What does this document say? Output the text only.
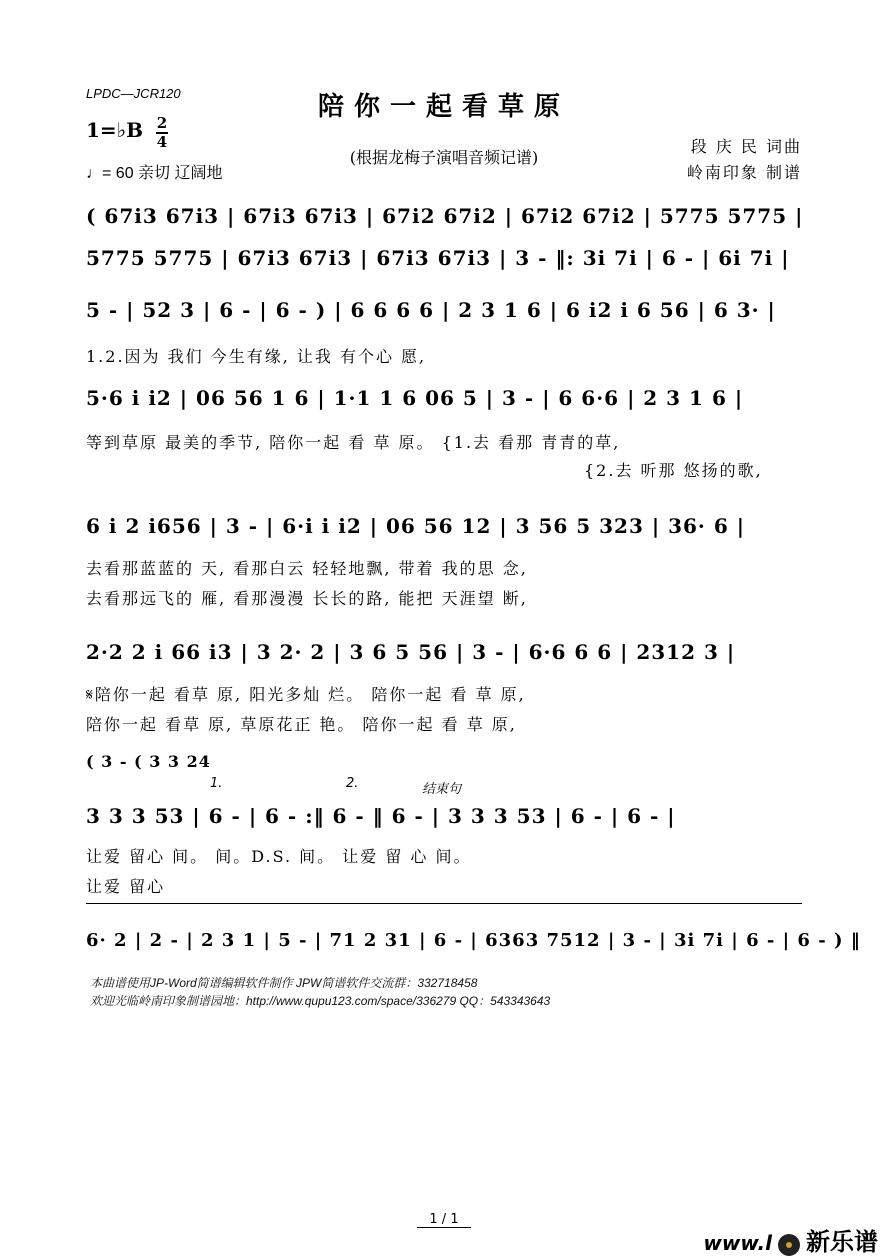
LPDC—JCR120	陪你一起看草原
1=♭B 2
4
♩= 60 亲切 辽阔地
(根据龙梅子演唱音频记谱)
段 庆 民 词曲
岭南印象 制谱
( 67i3 67i3 | 67i3 67i3 | 67i2 67i2 | 67i2 67i2 | 5775 5775 |
5775 5775 | 67i3 67i3 | 67i3 67i3 | 3 - ‖: 3i 7i | 6 - | 6i 7i |
5 - | 52 3 | 6 - | 6 - ) | 6 6 6 6 | 2 3 1 6 | 6 i2 i 6 56 | 6 3· |
1.2.因为 我们 今生有缘, 让我 有个心 愿,
5·6 i i2 | 06 56 1 6 | 1·1 1 6 06 5 | 3 - | 6 6·6 | 2 3 1 6 |
等到草原 最美的季节, 陪你一起 看 草 原。 {1.去 看那 青青的草,
{2.去 听那 悠扬的歌,
6 i 2 i656 | 3 - | 6·i i i2 | 06 56 12 | 3 56 5 323 | 36· 6 |
去看那蓝蓝的 天, 看那白云 轻轻地飘, 带着 我的思 念,
去看那远飞的 雁, 看那漫漫 长长的路, 能把 天涯望 断,
2·2 2 i 66 i3 | 3 2· 2 | 3 6 5 56 | 3 - | 6·6 6 6 | 2312 3 |
𝄋陪你一起 看草 原, 阳光多灿 烂。 陪你一起 看 草 原,
陪你一起 看草 原, 草原花正 艳。 陪你一起 看 草 原,
( 3 - ( 3 3 24
1.	2.	结束句
3 3 3 53 | 6 - | 6 - :‖ 6 - ‖ 6 - | 3 3 3 53 | 6 - | 6 - |
让爱 留心 间。 间。D.S. 间。 让爱 留 心 间。
让爱 留心
6· 2 | 2 - | 2 3 1 | 5 - | 71 2 31 | 6 - | 6363 7512 | 3 - | 3i 7i | 6 - | 6 - ) ‖
本曲谱使用JP-Word简谱编辑软件制作 JPW简谱软件交流群：332718458
欢迎光临岭南印象制谱园地：http://www.qupu123.com/space/336279 QQ：543343643
1 / 1
www.l 新乐谱
